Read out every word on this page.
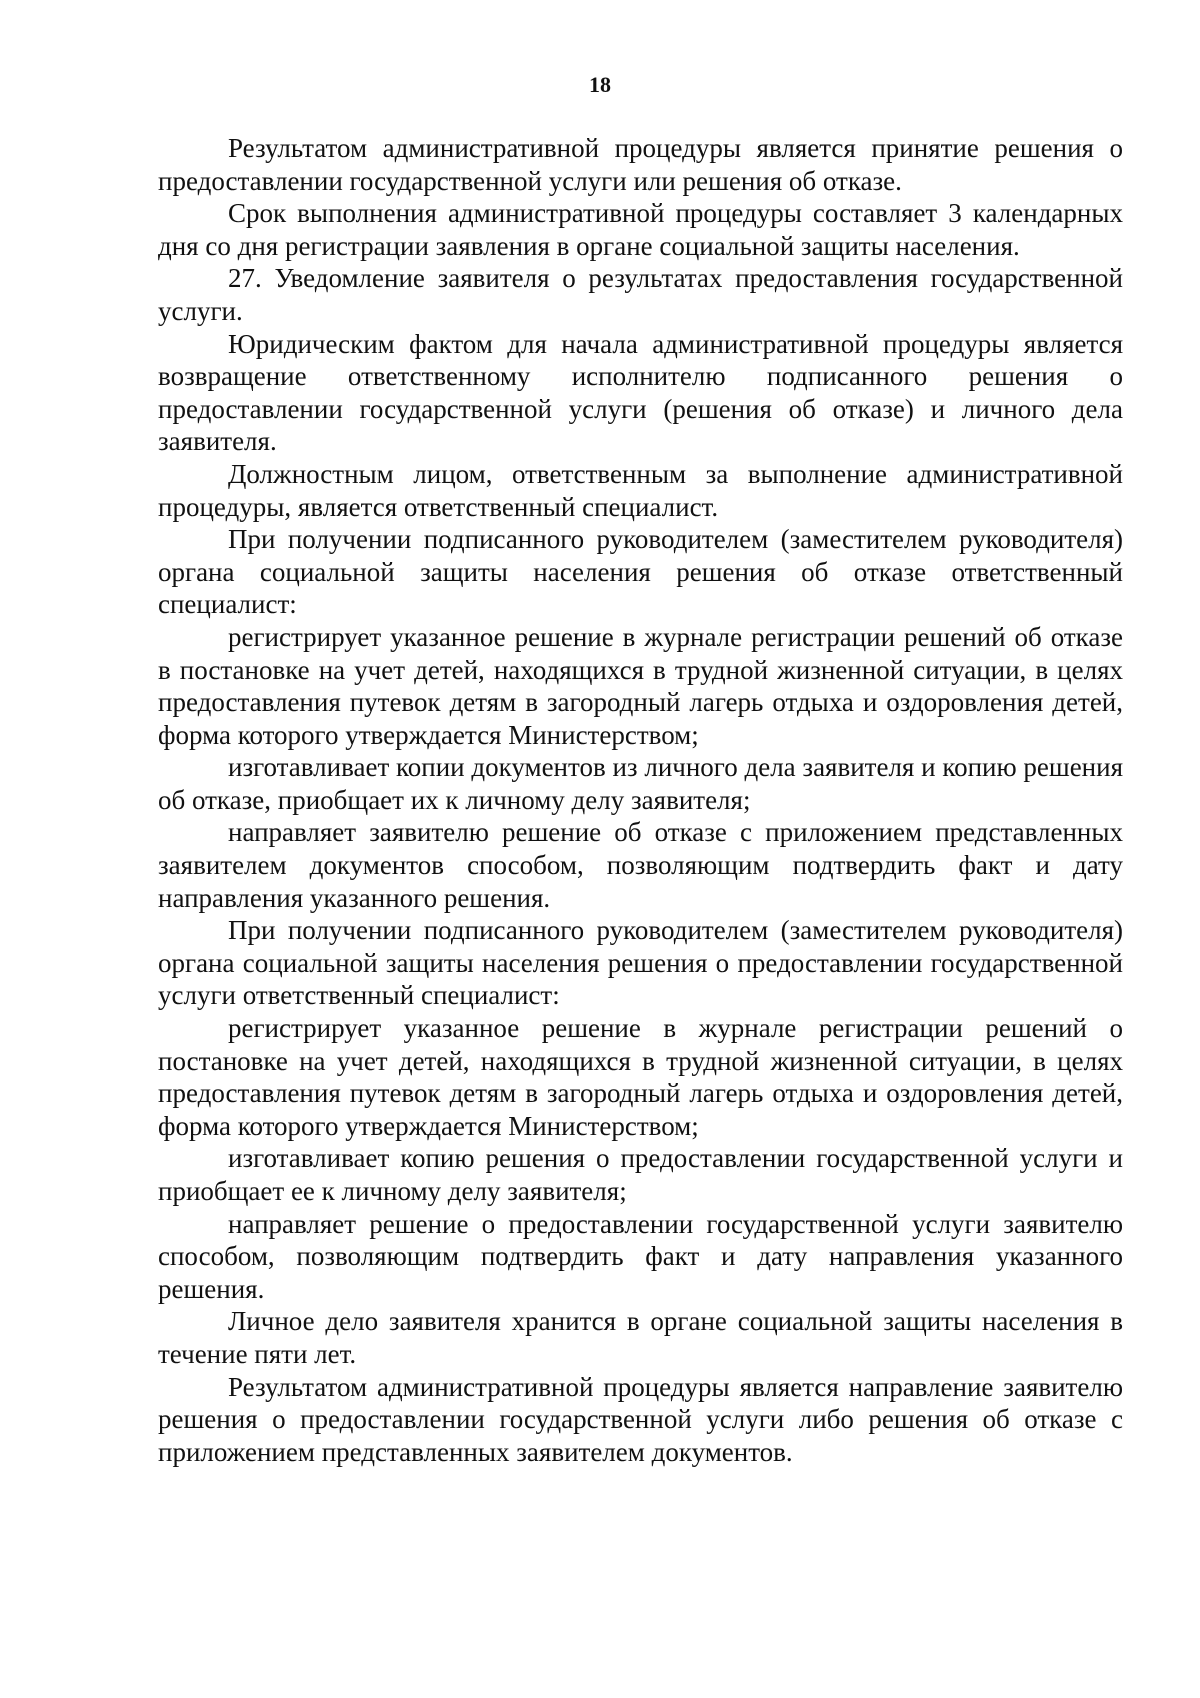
18

Результатом административной процедуры является принятие решения о предоставлении государственной услуги или решения об отказе.

Срок выполнения административной процедуры составляет 3 календарных дня со дня регистрации заявления в органе социальной защиты населения.

27. Уведомление заявителя о результатах предоставления государственной услуги.

Юридическим фактом для начала административной процедуры является возвращение ответственному исполнителю подписанного решения о предоставлении государственной услуги (решения об отказе) и личного дела заявителя.

Должностным лицом, ответственным за выполнение административной процедуры, является ответственный специалист.

При получении подписанного руководителем (заместителем руководителя) органа социальной защиты населения решения об отказе ответственный специалист:

регистрирует указанное решение в журнале регистрации решений об отказе в постановке на учет детей, находящихся в трудной жизненной ситуации, в целях предоставления путевок детям в загородный лагерь отдыха и оздоровления детей, форма которого утверждается Министерством;

изготавливает копии документов из личного дела заявителя и копию решения об отказе, приобщает их к личному делу заявителя;

направляет заявителю решение об отказе с приложением представленных заявителем документов способом, позволяющим подтвердить факт и дату направления указанного решения.

При получении подписанного руководителем (заместителем руководителя) органа социальной защиты населения решения о предоставлении государственной услуги ответственный специалист:

регистрирует указанное решение в журнале регистрации решений о постановке на учет детей, находящихся в трудной жизненной ситуации, в целях предоставления путевок детям в загородный лагерь отдыха и оздоровления детей, форма которого утверждается Министерством;

изготавливает копию решения о предоставлении государственной услуги и приобщает ее к личному делу заявителя;

направляет решение о предоставлении государственной услуги заявителю способом, позволяющим подтвердить факт и дату направления указанного решения.

Личное дело заявителя хранится в органе социальной защиты населения в течение пяти лет.

Результатом административной процедуры является направление заявителю решения о предоставлении государственной услуги либо решения об отказе с приложением представленных заявителем документов.
